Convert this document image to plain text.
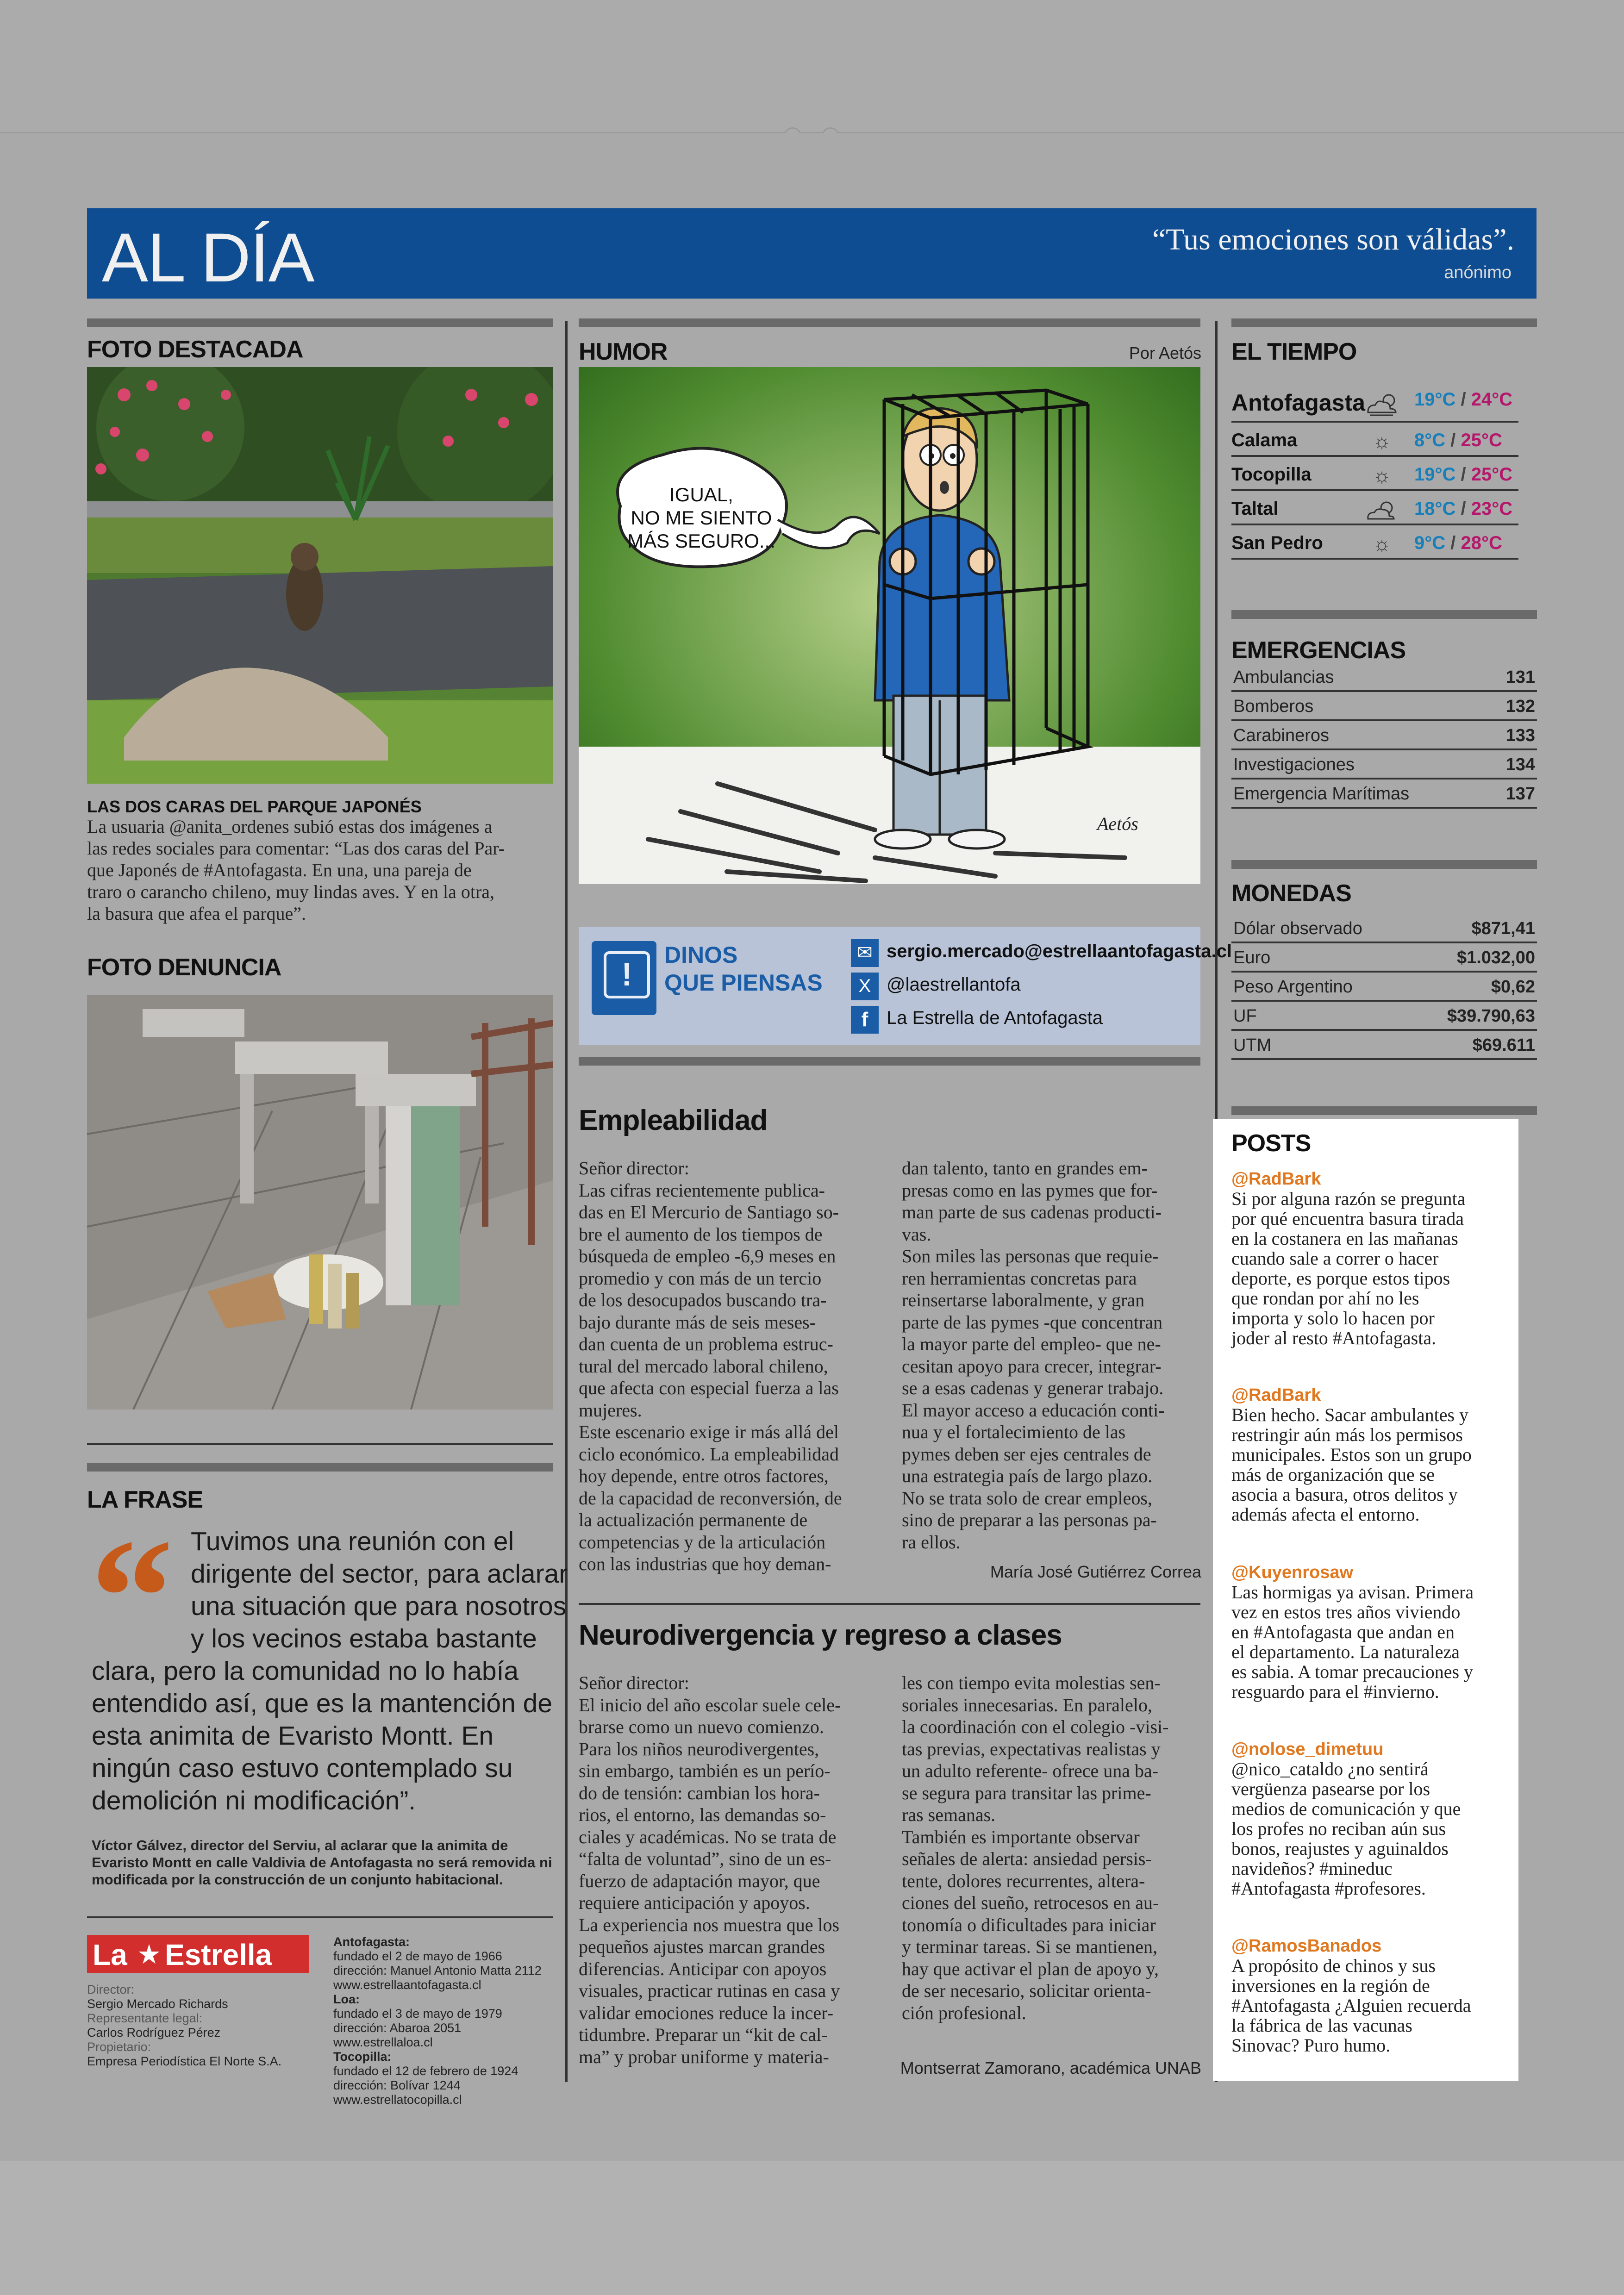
AL DÍA	“Tus emociones son válidas”.
anónimo
FOTO DESTACADA
LAS DOS CARAS DEL PARQUE JAPONÉS
La usuaria @anita_ordenes subió estas dos imágenes a
las redes sociales para comentar: “Las dos caras del Par-
que Japonés de #Antofagasta. En una, una pareja de
traro o carancho chileno, muy lindas aves. Y en la otra,
la basura que afea el parque”.
FOTO DENUNCIA
LA FRASE
“ Tuvimos una reunión con el
dirigente del sector, para aclarar
una situación que para nosotros
y los vecinos estaba bastante
clara, pero la comunidad no lo había
entendido así, que es la mantención de
esta animita de Evaristo Montt. En
ningún caso estuvo contemplado su
demolición ni modificación”.
Víctor Gálvez, director del Serviu, al aclarar que la animita de
Evaristo Montt en calle Valdivia de Antofagasta no será removida ni
modificada por la construcción de un conjunto habitacional.
La ★ Estrella
Director:
Sergio Mercado Richards
Representante legal:
Carlos Rodríguez Pérez
Propietario:
Empresa Periodística El Norte S.A.
Antofagasta:
fundado el 2 de mayo de 1966
dirección: Manuel Antonio Matta 2112
www.estrellaantofagasta.cl
Loa:
fundado el 3 de mayo de 1979
dirección: Abaroa 2051
www.estrellaloa.cl
Tocopilla:
fundado el 12 de febrero de 1924
dirección: Bolívar 1244
www.estrellatocopilla.cl
HUMOR	Por Aetós
IGUAL,
NO ME SIENTO
MÁS SEGURO...
Aetós
!
DINOS
QUE PIENSAS
✉ sergio.mercado@estrellaantofagasta.cl
X @laestrellantofa
f La Estrella de Antofagasta
Empleabilidad
Señor director:
Las cifras recientemente publica-
das en El Mercurio de Santiago so-
bre el aumento de los tiempos de
búsqueda de empleo -6,9 meses en
promedio y con más de un tercio
de los desocupados buscando tra-
bajo durante más de seis meses-
dan cuenta de un problema estruc-
tural del mercado laboral chileno,
que afecta con especial fuerza a las
mujeres.
Este escenario exige ir más allá del
ciclo económico. La empleabilidad
hoy depende, entre otros factores,
de la capacidad de reconversión, de
la actualización permanente de
competencias y de la articulación
con las industrias que hoy deman-
dan talento, tanto en grandes em-
presas como en las pymes que for-
man parte de sus cadenas producti-
vas.
Son miles las personas que requie-
ren herramientas concretas para
reinsertarse laboralmente, y gran
parte de las pymes -que concentran
la mayor parte del empleo- que ne-
cesitan apoyo para crecer, integrar-
se a esas cadenas y generar trabajo.
El mayor acceso a educación conti-
nua y el fortalecimiento de las
pymes deben ser ejes centrales de
una estrategia país de largo plazo.
No se trata solo de crear empleos,
sino de preparar a las personas pa-
ra ellos.
María José Gutiérrez Correa
Neurodivergencia y regreso a clases
Señor director:
El inicio del año escolar suele cele-
brarse como un nuevo comienzo.
Para los niños neurodivergentes,
sin embargo, también es un perío-
do de tensión: cambian los hora-
rios, el entorno, las demandas so-
ciales y académicas. No se trata de
“falta de voluntad”, sino de un es-
fuerzo de adaptación mayor, que
requiere anticipación y apoyos.
La experiencia nos muestra que los
pequeños ajustes marcan grandes
diferencias. Anticipar con apoyos
visuales, practicar rutinas en casa y
validar emociones reduce la incer-
tidumbre. Preparar un “kit de cal-
ma” y probar uniforme y materia-
les con tiempo evita molestias sen-
soriales innecesarias. En paralelo,
la coordinación con el colegio -visi-
tas previas, expectativas realistas y
un adulto referente- ofrece una ba-
se segura para transitar las prime-
ras semanas.
También es importante observar
señales de alerta: ansiedad persis-
tente, dolores recurrentes, altera-
ciones del sueño, retrocesos en au-
tonomía o dificultades para iniciar
y terminar tareas. Si se mantienen,
hay que activar el plan de apoyo y,
de ser necesario, solicitar orienta-
ción profesional.
Montserrat Zamorano, académica UNAB
EL TIEMPO
Antofagasta	19°C / 24°C
Calama	☼	8°C / 25°C
Tocopilla	☼	19°C / 25°C
Taltal	18°C / 23°C
San Pedro	☼	9°C / 28°C
EMERGENCIAS
Ambulancias	131
Bomberos	132
Carabineros	133
Investigaciones	134
Emergencia Marítimas	137
MONEDAS
Dólar observado	$871,41
Euro	$1.032,00
Peso Argentino	$0,62
UF	$39.790,63
UTM	$69.611
POSTS
@RadBark
Si por alguna razón se pregunta
por qué encuentra basura tirada
en la costanera en las mañanas
cuando sale a correr o hacer
deporte, es porque estos tipos
que rondan por ahí no les
importa y solo lo hacen por
joder al resto #Antofagasta.
@RadBark
Bien hecho. Sacar ambulantes y
restringir aún más los permisos
municipales. Estos son un grupo
más de organización que se
asocia a basura, otros delitos y
además afecta el entorno.
@Kuyenrosaw
Las hormigas ya avisan. Primera
vez en estos tres años viviendo
en #Antofagasta que andan en
el departamento. La naturaleza
es sabia. A tomar precauciones y
resguardo para el #invierno.
@nolose_dimetuu
@nico_cataldo ¿no sentirá
vergüenza pasearse por los
medios de comunicación y que
los profes no reciban aún sus
bonos, reajustes y aguinaldos
navideños? #mineduc
#Antofagasta #profesores.
@RamosBanados
A propósito de chinos y sus
inversiones en la región de
#Antofagasta ¿Alguien recuerda
la fábrica de las vacunas
Sinovac? Puro humo.
